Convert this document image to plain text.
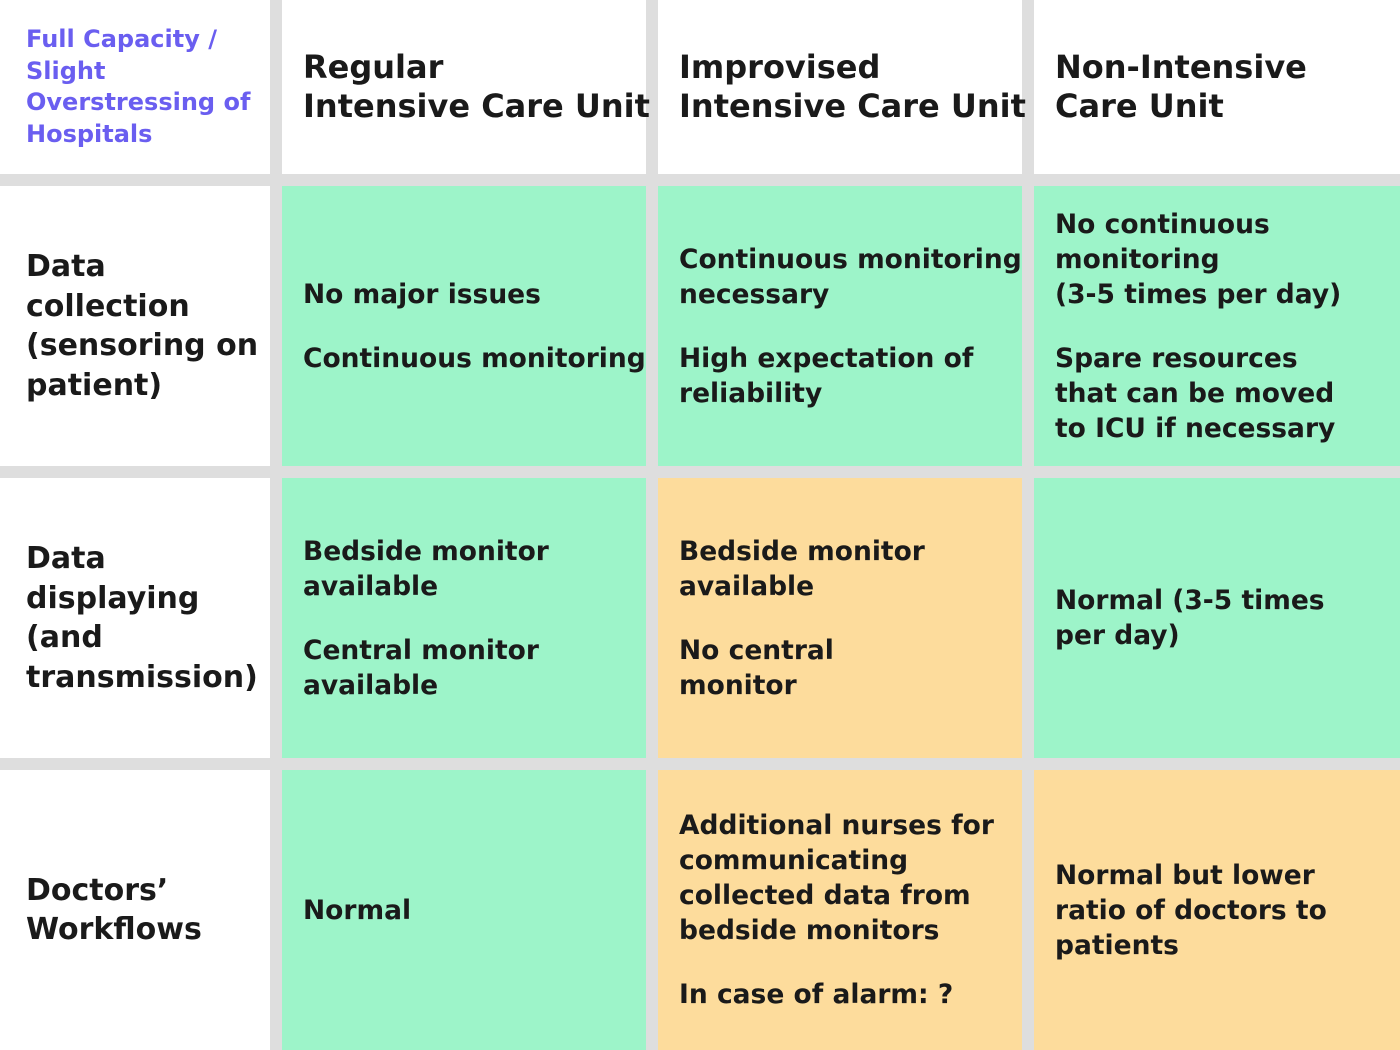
Full Capacity /
Slight
Overstressing of
Hospitals
Regular
Intensive Care Unit
Improvised
Intensive Care Unit
Non-Intensive
Care Unit
Data
collection
(sensoring on
patient)

No major issues

Continuous monitoring

Continuous monitoring
necessary

High expectation of
reliability

No continuous
monitoring
(3-5 times per day)

Spare resources
that can be moved
to ICU if necessary

Data
displaying
(and
transmission)

Bedside monitor
available

Central monitor
available

Bedside monitor
available

No central
monitor

Normal (3-5 times
per day)

Doctors’
Workflows

Normal

Additional nurses for
communicating
collected data from
bedside monitors

In case of alarm: ?

Normal but lower
ratio of doctors to
patients
